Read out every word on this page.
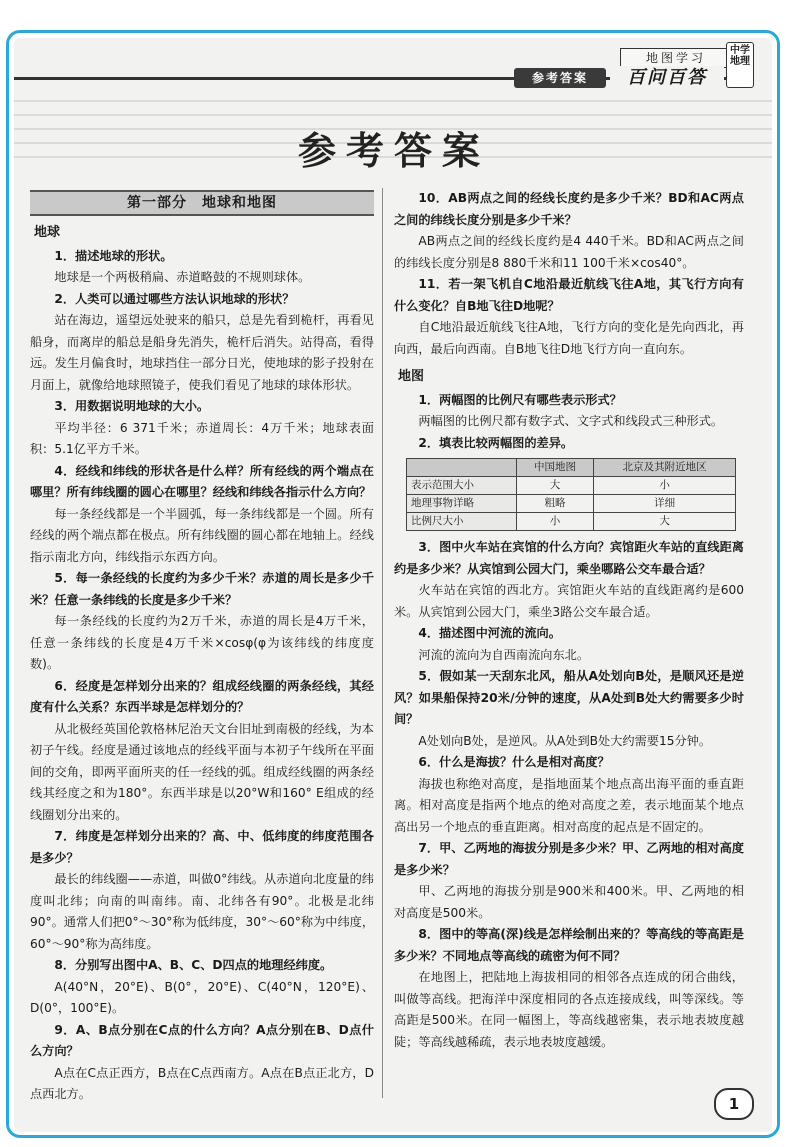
地图学习
中学地理
参考答案	百问百答
参考答案
第一部分　地球和地图
地球

1．描述地球的形状。

地球是一个两极稍扁、赤道略鼓的不规则球体。

2．人类可以通过哪些方法认识地球的形状？

站在海边，遥望远处驶来的船只，总是先看到桅杆，再看见船身，而离岸的船总是船身先消失，桅杆后消失。站得高，看得远。发生月偏食时，地球挡住一部分日光，使地球的影子投射在月面上，就像给地球照镜子，使我们看见了地球的球体形状。

3．用数据说明地球的大小。

平均半径：6 371千米；赤道周长：4万千米；地球表面积：5.1亿平方千米。

4．经线和纬线的形状各是什么样？所有经线的两个端点在哪里？所有纬线圈的圆心在哪里？经线和纬线各指示什么方向？

每一条经线都是一个半圆弧，每一条纬线都是一个圆。所有经线的两个端点都在极点。所有纬线圈的圆心都在地轴上。经线指示南北方向，纬线指示东西方向。

5．每一条经线的长度约为多少千米？赤道的周长是多少千米？任意一条纬线的长度是多少千米？

每一条经线的长度约为2万千米，赤道的周长是4万千米，任意一条纬线的长度是4万千米×cosφ(φ为该纬线的纬度度数)。

6．经度是怎样划分出来的？组成经线圈的两条经线，其经度有什么关系？东西半球是怎样划分的？

从北极经英国伦敦格林尼治天文台旧址到南极的经线，为本初子午线。经度是通过该地点的经线平面与本初子午线所在平面间的交角，即两平面所夹的任一经线的弧。组成经线圈的两条经线其经度之和为180°。东西半球是以20°W和160° E组成的经线圈划分出来的。

7．纬度是怎样划分出来的？高、中、低纬度的纬度范围各是多少？

最长的纬线圈——赤道，叫做0°纬线。从赤道向北度量的纬度叫北纬；向南的叫南纬。南、北纬各有90°。北极是北纬90°。通常人们把0°～30°称为低纬度，30°～60°称为中纬度，60°～90°称为高纬度。

8．分别写出图中A、B、C、D四点的地理经纬度。

A(40°N，20°E)、B(0°，20°E)、C(40°N，120°E)、D(0°，100°E)。

9．A、B点分别在C点的什么方向？A点分别在B、D点什么方向？

A点在C点正西方，B点在C点西南方。A点在B点正北方，D点西北方。

10．AB两点之间的经线长度约是多少千米？BD和AC两点之间的纬线长度分别是多少千米？

AB两点之间的经线长度约是4 440千米。BD和AC两点之间的纬线长度分别是8 880千米和11 100千米×cos40°。

11．若一架飞机自C地沿最近航线飞往A地，其飞行方向有什么变化？自B地飞往D地呢？

自C地沿最近航线飞往A地，飞行方向的变化是先向西北，再向西，最后向西南。自B地飞往D地飞行方向一直向东。

地图

1．两幅图的比例尺有哪些表示形式？

两幅图的比例尺都有数字式、文字式和线段式三种形式。

2．填表比较两幅图的差异。

	中国地图	北京及其附近地区
表示范围大小	大	小
地理事物详略	粗略	详细
比例尺大小	小	大

3．图中火车站在宾馆的什么方向？宾馆距火车站的直线距离约是多少米？从宾馆到公园大门，乘坐哪路公交车最合适？

火车站在宾馆的西北方。宾馆距火车站的直线距离约是600米。从宾馆到公园大门，乘坐3路公交车最合适。

4．描述图中河流的流向。

河流的流向为自西南流向东北。

5．假如某一天刮东北风，船从A处划向B处，是顺风还是逆风？如果船保持20米/分钟的速度，从A处到B处大约需要多少时间？

A处划向B处，是逆风。从A处到B处大约需要15分钟。

6．什么是海拔？什么是相对高度？

海拔也称绝对高度，是指地面某个地点高出海平面的垂直距离。相对高度是指两个地点的绝对高度之差，表示地面某个地点高出另一个地点的垂直距离。相对高度的起点是不固定的。

7．甲、乙两地的海拔分别是多少米？甲、乙两地的相对高度是多少米？

甲、乙两地的海拔分别是900米和400米。甲、乙两地的相对高度是500米。

8．图中的等高(深)线是怎样绘制出来的？等高线的等高距是多少米？不同地点等高线的疏密为何不同？

在地图上，把陆地上海拔相同的相邻各点连成的闭合曲线，叫做等高线。把海洋中深度相同的各点连接成线，叫等深线。等高距是500米。在同一幅图上，等高线越密集，表示地表坡度越陡；等高线越稀疏，表示地表坡度越缓。

1
